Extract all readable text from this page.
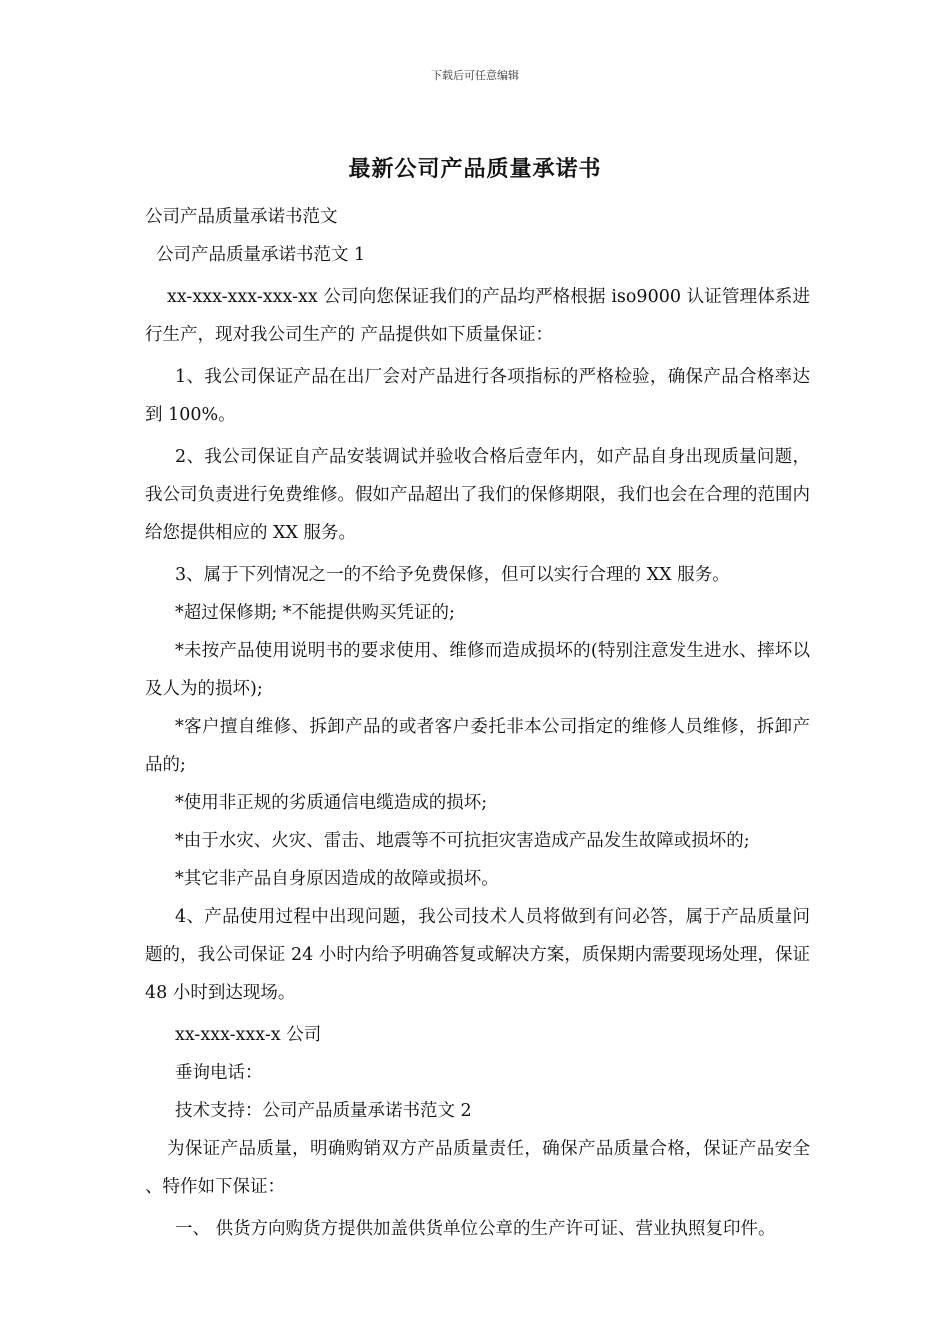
下载后可任意编辑
最新公司产品质量承诺书

公司产品质量承诺书范文

公司产品质量承诺书范文 1

xx-xxx-xxx-xxx-xx 公司向您保证我们的产品均严格根据 iso9000 认证管理体系进行生产，现对我公司生产的 产品提供如下质量保证：

1、我公司保证产品在出厂会对产品进行各项指标的严格检验，确保产品合格率达到 100%。

2、我公司保证自产品安装调试并验收合格后壹年内，如产品自身出现质量问题，我公司负责进行免费维修。假如产品超出了我们的保修期限，我们也会在合理的范围内给您提供相应的 XX 服务。

3、属于下列情况之一的不给予免费保修，但可以实行合理的 XX 服务。

*超过保修期; *不能提供购买凭证的;

*未按产品使用说明书的要求使用、维修而造成损坏的(特别注意发生进水、摔坏以及人为的损坏);

*客户擅自维修、拆卸产品的或者客户委托非本公司指定的维修人员维修，拆卸产品的;

*使用非正规的劣质通信电缆造成的损坏;

*由于水灾、火灾、雷击、地震等不可抗拒灾害造成产品发生故障或损坏的;

*其它非产品自身原因造成的故障或损坏。

4、产品使用过程中出现问题，我公司技术人员将做到有问必答，属于产品质量问题的，我公司保证 24 小时内给予明确答复或解决方案，质保期内需要现场处理，保证 48 小时到达现场。

xx-xxx-xxx-x 公司

垂询电话：

技术支持：公司产品质量承诺书范文 2

为保证产品质量，明确购销双方产品质量责任，确保产品质量合格，保证产品安全 、特作如下保证：

一、 供货方向购货方提供加盖供货单位公章的生产许可证、营业执照复印件。
